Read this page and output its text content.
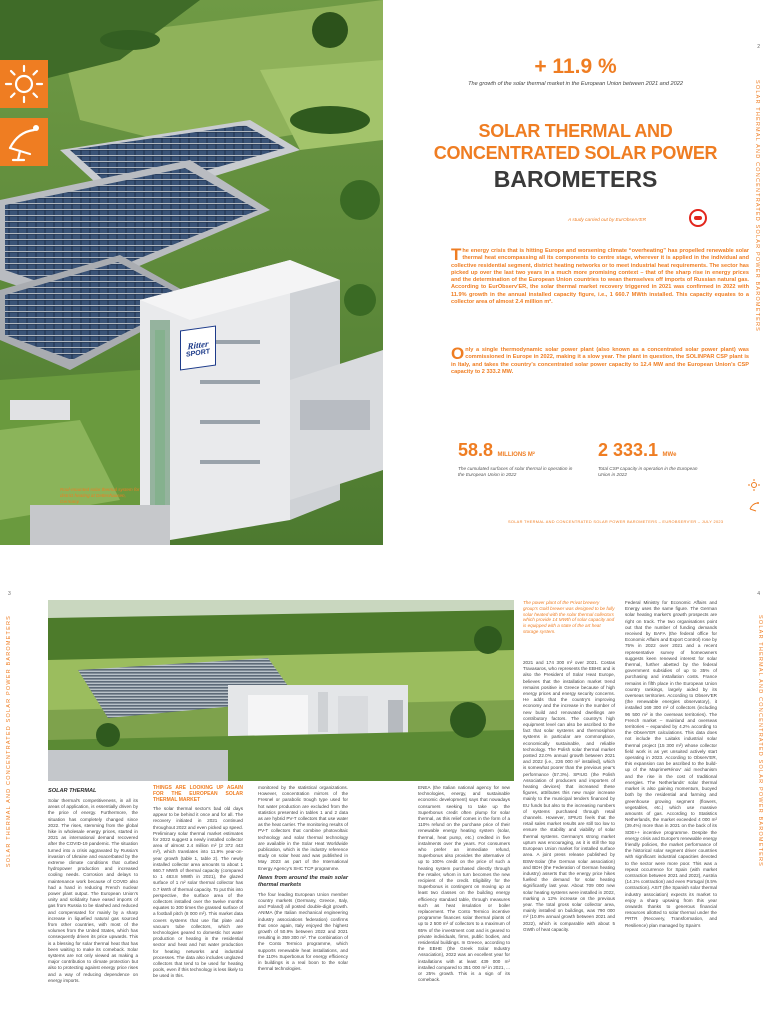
Ritter
SPORT
Roof-mounted solar thermal system for district heating at Dettenhausen, Germany.
2
+ 11.9 %
The growth of the solar thermal market in the European Union between 2021 and 2022
SOLAR THERMAL AND
CONCENTRATED SOLAR POWER
BAROMETERS
A study carried out by EurObserv'ER
T he energy crisis that is hitting Europe and worsening climate “overheating” has propelled renewable solar thermal heat encompassing all its components to centre stage, wherever it is applied in the individual and collective residential segment, district heating networks or to meet industrial heat requirements. The sector has picked up over the last two years in a much more promising context – that of the sharp rise in energy prices and the determination of the European Union countries to wean themselves off imports of Russian natural gas. According to EurObserv'ER, the solar thermal market recovery triggered in 2021 was confirmed in 2022 with 11.9% growth in the annual installed capacity figure, i.e., 1 660.7 MWth installed. This capacity equates to a collector area of almost 2.4 million m².
O nly a single thermodynamic solar power plant (also known as a concentrated solar power plant) was commissioned in Europe in 2022, making it a slow year. The plant in question, the SOLINPAR CSP plant is in Italy, and takes the country's concentrated solar power capacity to 12.4 MW and the European Union's CSP capacity to 2 333.2 MW.
58.8 MILLIONS M²
The cumulated surfaces of solar thermal in operation in the European Union in 2022
2 333.1 MWe
Total CSP capacity in operation in the European Union in 2022
SOLAR THERMAL AND CONCENTRATED SOLAR POWER BAROMETERS – EUROBSERV'ER – JULY 2023
SOLAR THERMAL AND CONCENTRATED SOLAR POWER BAROMETERS
3	4
SOLAR THERMAL AND CONCENTRATED SOLAR POWER BAROMETERS	SOLAR THERMAL AND CONCENTRATED SOLAR POWER BAROMETERS
The power plant of the Privat brewery group's Gold brewer was designed to be fully solar heated with the solar thermal collectors which provide 14 MWth of solar capacity and is equipped with a state of the art heat storage system.
SOLAR THERMAL

Solar thermal's competitiveness, in all its areas of application, is essentially driven by the price of energy. Furthermore, the situation has completely changed since 2022. The rises, stemming from the global hike in wholesale energy prices, started in 2021 as international demand recovered after the COVID-19 pandemic. The situation turned into a crisis aggravated by Russia's invasion of Ukraine and exacerbated by the extreme climate conditions that curbed hydropower production and increased cooling needs. Corrosion and delays to maintenance work because of COVID also had a hand in reducing French nuclear power plant output. The European Union's unity and solidarity have eased imports of gas from Russia to be slashed and reduced and compensated for mainly by a sharp increase in liquefied natural gas sourced from other countries, with most of the volumes from the United States, which has consequently driven its price upwards. This is a blessing for solar thermal heat that has been waiting to make its comeback. Solar systems are not only viewed as making a major contribution to climate protection but also to protecting against energy price rises and a way of reducing dependence on energy imports.

THINGS ARE LOOKING UP AGAIN FOR THE EUROPEAN SOLAR THERMAL MARKET

The solar thermal sector's bad old days appear to be behind it once and for all. The recovery initiated in 2021 continued throughout 2022 and even picked up speed. Preliminary solar thermal market estimates for 2022 suggest a newly installed collector area of almost 2.4 million m² (2 372 443 m²), which translates into 11.9% year-on-year growth (table 1, table 2). The newly installed collector area amounts to about 1 660.7 MWth of thermal capacity (compared to 1 483.8 MWth in 2021), the glazed surface of 1 m² solar thermal collector has 0.7 kWth of thermal capacity. To put this into perspective, the surface area of the collectors installed over the twelve months equates to 300 times the grassed surface of a football pitch (8 000 m²). This market data covers systems that use flat plate and vacuum tube collectors, which are technologies geared to domestic hot water production or heating in the residential sector and heat and hot water production for heating networks and industrial processes. The data also includes unglazed collectors that tend to be used for heating pools, even if this technology is less likely to be used in this.

monitored by the statistical organizations. However, concentration mirrors of the Fresnel or parabolic trough type used for hot water production are excluded from the statistics presented in tables 1 and 2 data as are hybrid PV-T collectors that use water as the heat carrier. The monitoring results of PV-T collectors that combine photovoltaic technology and solar thermal technology are available in the Solar Heat Worldwide publication, which is the industry reference study on solar heat and was published in May 2023 as part of the International Energy Agency's SHC TCP programme.

News from around the main solar thermal markets

The four leading European Union member country markets (Germany, Greece, Italy, and Poland) all posted double-digit growth. ANIMA (the Italian mechanical engineering industry associations federation) confirms that once again, Italy enjoyed the highest growth of 50.9% between 2022 and 2021 resulting in 359 300 m². The combination of the Conto Termico programme, which supports renewable heat installations, and the 110% Superbonus for energy efficiency in buildings is a real boon to the solar thermal technologies.

ENEA (the Italian national agency for new technologies, energy, and sustainable economic development) says that nowadays consumers seeking to take up the Superbonus credit often plump for solar thermal, as this relief comes in the form of a 110% refund on the purchase price of their renewable energy heating system (solar, thermal, heat pump, etc.) credited in five instalments over the years. For consumers who prefer an immediate refund, Superbonus also provides the alternative of up to 100% credit on the price of such a heating system purchased directly through the retailer, whom in turn becomes the new recipient of the credit. Eligibility for the Superbonus is contingent on moving up at least two classes on the building energy efficiency standard table, through measures such as heat insulation or boiler replacement. The Conto Termico incentive programme finances solar thermal plants of up to 2 500 m² of collectors to a maximum of 65% of the investment cost and is geared to private individuals, firms, public bodies, and residential buildings. In Greece, according to the EBHE (the Greek Solar Industry Association), 2022 was an excellent year for installations with at least 439 000 m² installed compared to 351 000 m² in 2021, ... or 25% growth. This is a sign of its comeback.

2021 and 174 300 m² over 2021. Costas Travasaros, who represents the EBHE and is also the President of Solar Heat Europe, believes that the installation market trend remains positive in Greece because of high energy prices and energy security concerns. He adds that the country's improving economy and the increase in the number of new build and renovated dwellings are contributory factors. The country's high equipment level can also be ascribed to the fact that solar systems and thermosiphon systems in particular are commonplace, economically sustainable, and reliable technology. The Polish solar thermal market posted 22.0% annual growth between 2021 and 2022 (i.e., 226 000 m² installed), which is somewhat poorer than the previous year's performance (57.3%). SPIUG (the Polish Association of producers and importers of heating devices) that increased these figures, attributes this new major increase mainly to the municipal tenders financed by EU funds but also to the increasing numbers of systems purchased through retail channels. However, SPIUG feels that the retail sales market results are still too low to ensure the stability and viability of solar thermal systems. Germany's strong market upturn was encouraging, as it is still the top European Union market for installed surface area. A joint press release published by BSW-Solar (the German solar association) and BDH (the Federation of German heating industry) asserts that the energy price hikes fuelled the demand for solar heating significantly last year. About 709 000 new solar heating systems were installed in 2022, marking a 12% increase on the previous year. The total gross solar collector area, mainly installed on buildings, was 790 000 m² (10.8% annual growth between 2021 and 2022), which is comparable with about 5 GWth of heat capacity.

Federal Ministry for Economic Affairs and Energy uses the same figure. The German solar heating market's growth prospects are right on track. The two organisations point out that the number of funding demands received by BAFA (the federal office for Economic Affairs and Export Control) rose by 75% in 2022 over 2021 and a recent representative survey of homeowners suggests keen renewed interest for solar thermal, further abetted by the federal government subsidies of up to 35% of purchasing and installation costs. France remains in fifth place in the European Union country rankings, largely aided by its overseas territories. According to Observ'ER (the renewable energies observatory), it installed 169 300 m² of collectors (including 96 500 m² in the overseas territories). The French market – mainland and overseas territories – expanded by 4.2% according to the Observ'ER calculations. This data does not include the Laitaks industrial solar thermal project (15 300 m²) whose collector field work is as yet unsuited actively start operating in 2023. According to Observ'ER, this expansion can be ascribed to the build-up of the MaprimeRénov' aid mechanism and the rise in the cost of traditional energies. The Netherlands' solar thermal market is also gaining momentum, buoyed both by the residential and farming and greenhouse growing segment (flowers, vegetables, etc.) which use massive amounts of gas. According to Statistics Netherlands, the market exceeded 4 000 m² (39.4%) more than in 2021 on the back of its SDE++ incentive programme. Despite the energy crisis and Europe's renewable energy friendly policies, the market performance of the historical solar segment driver countries with significant industrial capacities devoted to the sector were more poor. This was a repeat occurrence for Spain (with market contraction between 2021 and 2022), Austria (14.1% contraction) and even Portugal (8.5% contraction). ASIT (the Spanish solar thermal industry association) expects its market to enjoy a sharp upswing from this year onwards thanks to generous financial resources allotted to solar thermal under the PRTR (Recovery, Transformation, and Resilience) plan managed by Spain's
